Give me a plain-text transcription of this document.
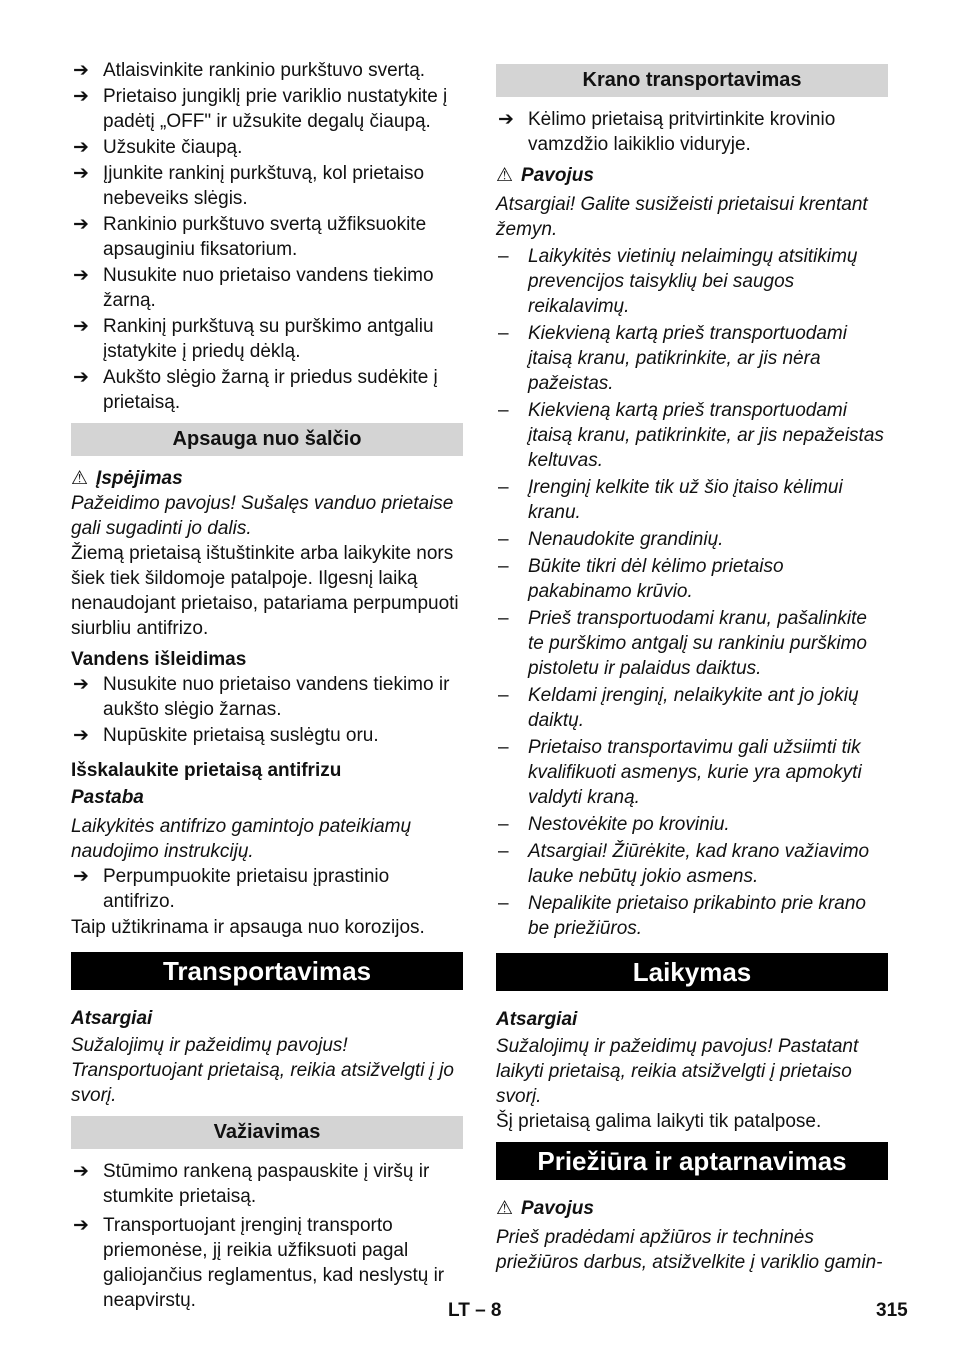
➔ Atlaisvinkite rankinio purkštuvo svertą.
➔ Prietaiso jungiklį prie variklio nustatykite į padėtį „OFF" ir užsukite degalų čiaupą.
➔ Užsukite čiaupą.
➔ Įjunkite rankinį purkštuvą, kol prietaiso nebeveiks slėgis.
➔ Rankinio purkštuvo svertą užfiksuokite apsauginiu fiksatorium.
➔ Nusukite nuo prietaiso vandens tiekimo žarną.
➔ Rankinį purkštuvą su purškimo antgaliu įstatykite į priedų dėklą.
➔ Aukšto slėgio žarną ir priedus sudėkite į prietaisą.
Apsauga nuo šalčio

⚠ Įspėjimas

Pažeidimo pavojus! Sušalęs vanduo prietaise gali sugadinti jo dalis.

Žiemą prietaisą ištuštinkite arba laikykite nors šiek tiek šildomoje patalpoje. Ilgesnį laiką nenaudojant prietaiso, patariama perpumpuoti siurbliu antifrizo.

Vandens išleidimas

➔ Nusukite nuo prietaiso vandens tiekimo ir aukšto slėgio žarnas.
➔ Nupūskite prietaisą suslėgtu oru.

Išskalaukite prietaisą antifrizu

Pastaba

Laikykitės antifrizo gamintojo pateikiamų naudojimo instrukcijų.

➔ Perpumpuokite prietaisu įprastinio antifrizo.

Taip užtikrinama ir apsauga nuo korozijos.

Transportavimas

Atsargiai

Sužalojimų ir pažeidimų pavojus! Transportuojant prietaisą, reikia atsižvelgti į jo svorį.

Važiavimas
➔ Stūmimo rankeną paspauskite į viršų ir stumkite prietaisą.
➔ Transportuojant įrenginį transporto priemonėse, jį reikia užfiksuoti pagal galiojančius reglamentus, kad neslystų ir neapvirstų.
Krano transportavimas
➔ Kėlimo prietaisą pritvirtinkite krovinio vamzdžio laikiklio viduryje.

⚠ Pavojus

Atsargiai! Galite susižeisti prietaisui krentant žemyn.

– Laikykitės vietinių nelaimingų atsitikimų prevencijos taisyklių bei saugos reikalavimų.
– Kiekvieną kartą prieš transportuodami įtaisą kranu, patikrinkite, ar jis nėra pažeistas.
– Kiekvieną kartą prieš transportuodami įtaisą kranu, patikrinkite, ar jis nepažeistas keltuvas.
– Įrenginį kelkite tik už šio įtaiso kėlimui kranu.
– Nenaudokite grandinių.
– Būkite tikri dėl kėlimo prietaiso pakabinamo krūvio.
– Prieš transportuodami kranu, pašalinkite te purškimo antgalį su rankiniu purškimo pistoletu ir palaidus daiktus.
– Keldami įrenginį, nelaikykite ant jo jokių daiktų.
– Prietaiso transportavimu gali užsiimti tik kvalifikuoti asmenys, kurie yra apmokyti valdyti kraną.
– Nestovėkite po kroviniu.
– Atsargiai! Žiūrėkite, kad krano važiavimo lauke nebūtų jokio asmens.
– Nepalikite prietaiso prikabinto prie krano be priežiūros.
Laikymas

Atsargiai

Sužalojimų ir pažeidimų pavojus! Pastatant laikyti prietaisą, reikia atsižvelgti į prietaiso svorį.

Šį prietaisą galima laikyti tik patalpose.

Priežiūra ir aptarnavimas

⚠ Pavojus

Prieš pradėdami apžiūros ir techninės priežiūros darbus, atsižvelkite į variklio gamin-

LT – 8	315
